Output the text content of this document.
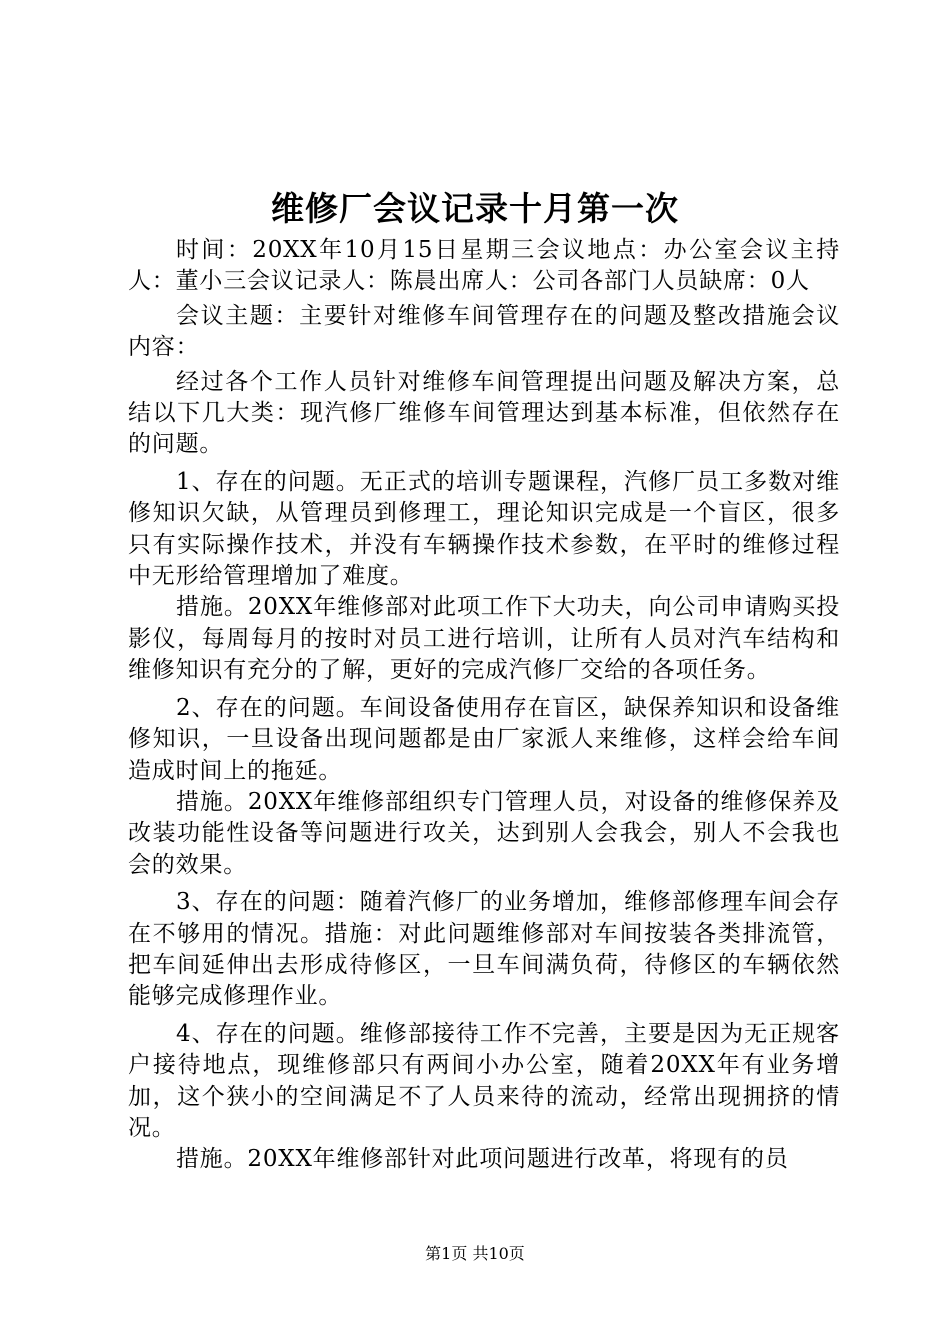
维修厂会议记录十月第一次

时间：20XX年10月15日星期三会议地点：办公室会议主持人：董小三会议记录人：陈晨出席人：公司各部门人员缺席：0人

会议主题：主要针对维修车间管理存在的问题及整改措施会议内容：

经过各个工作人员针对维修车间管理提出问题及解决方案，总结以下几大类：现汽修厂维修车间管理达到基本标准，但依然存在的问题。

1、存在的问题。无正式的培训专题课程，汽修厂员工多数对维修知识欠缺，从管理员到修理工，理论知识完成是一个盲区，很多只有实际操作技术，并没有车辆操作技术参数，在平时的维修过程中无形给管理增加了难度。

措施。20XX年维修部对此项工作下大功夫，向公司申请购买投影仪，每周每月的按时对员工进行培训，让所有人员对汽车结构和维修知识有充分的了解，更好的完成汽修厂交给的各项任务。

2、存在的问题。车间设备使用存在盲区，缺保养知识和设备维修知识，一旦设备出现问题都是由厂家派人来维修，这样会给车间造成时间上的拖延。

措施。20XX年维修部组织专门管理人员，对设备的维修保养及改装功能性设备等问题进行攻关，达到别人会我会，别人不会我也会的效果。

3、存在的问题：随着汽修厂的业务增加，维修部修理车间会存在不够用的情况。措施：对此问题维修部对车间按装各类排流管，把车间延伸出去形成待修区，一旦车间满负荷，待修区的车辆依然能够完成修理作业。

4、存在的问题。维修部接待工作不完善，主要是因为无正规客户接待地点，现维修部只有两间小办公室，随着20XX年有业务增加，这个狭小的空间满足不了人员来待的流动，经常出现拥挤的情况。

措施。20XX年维修部针对此项问题进行改革，将现有的员

第1页 共10页
